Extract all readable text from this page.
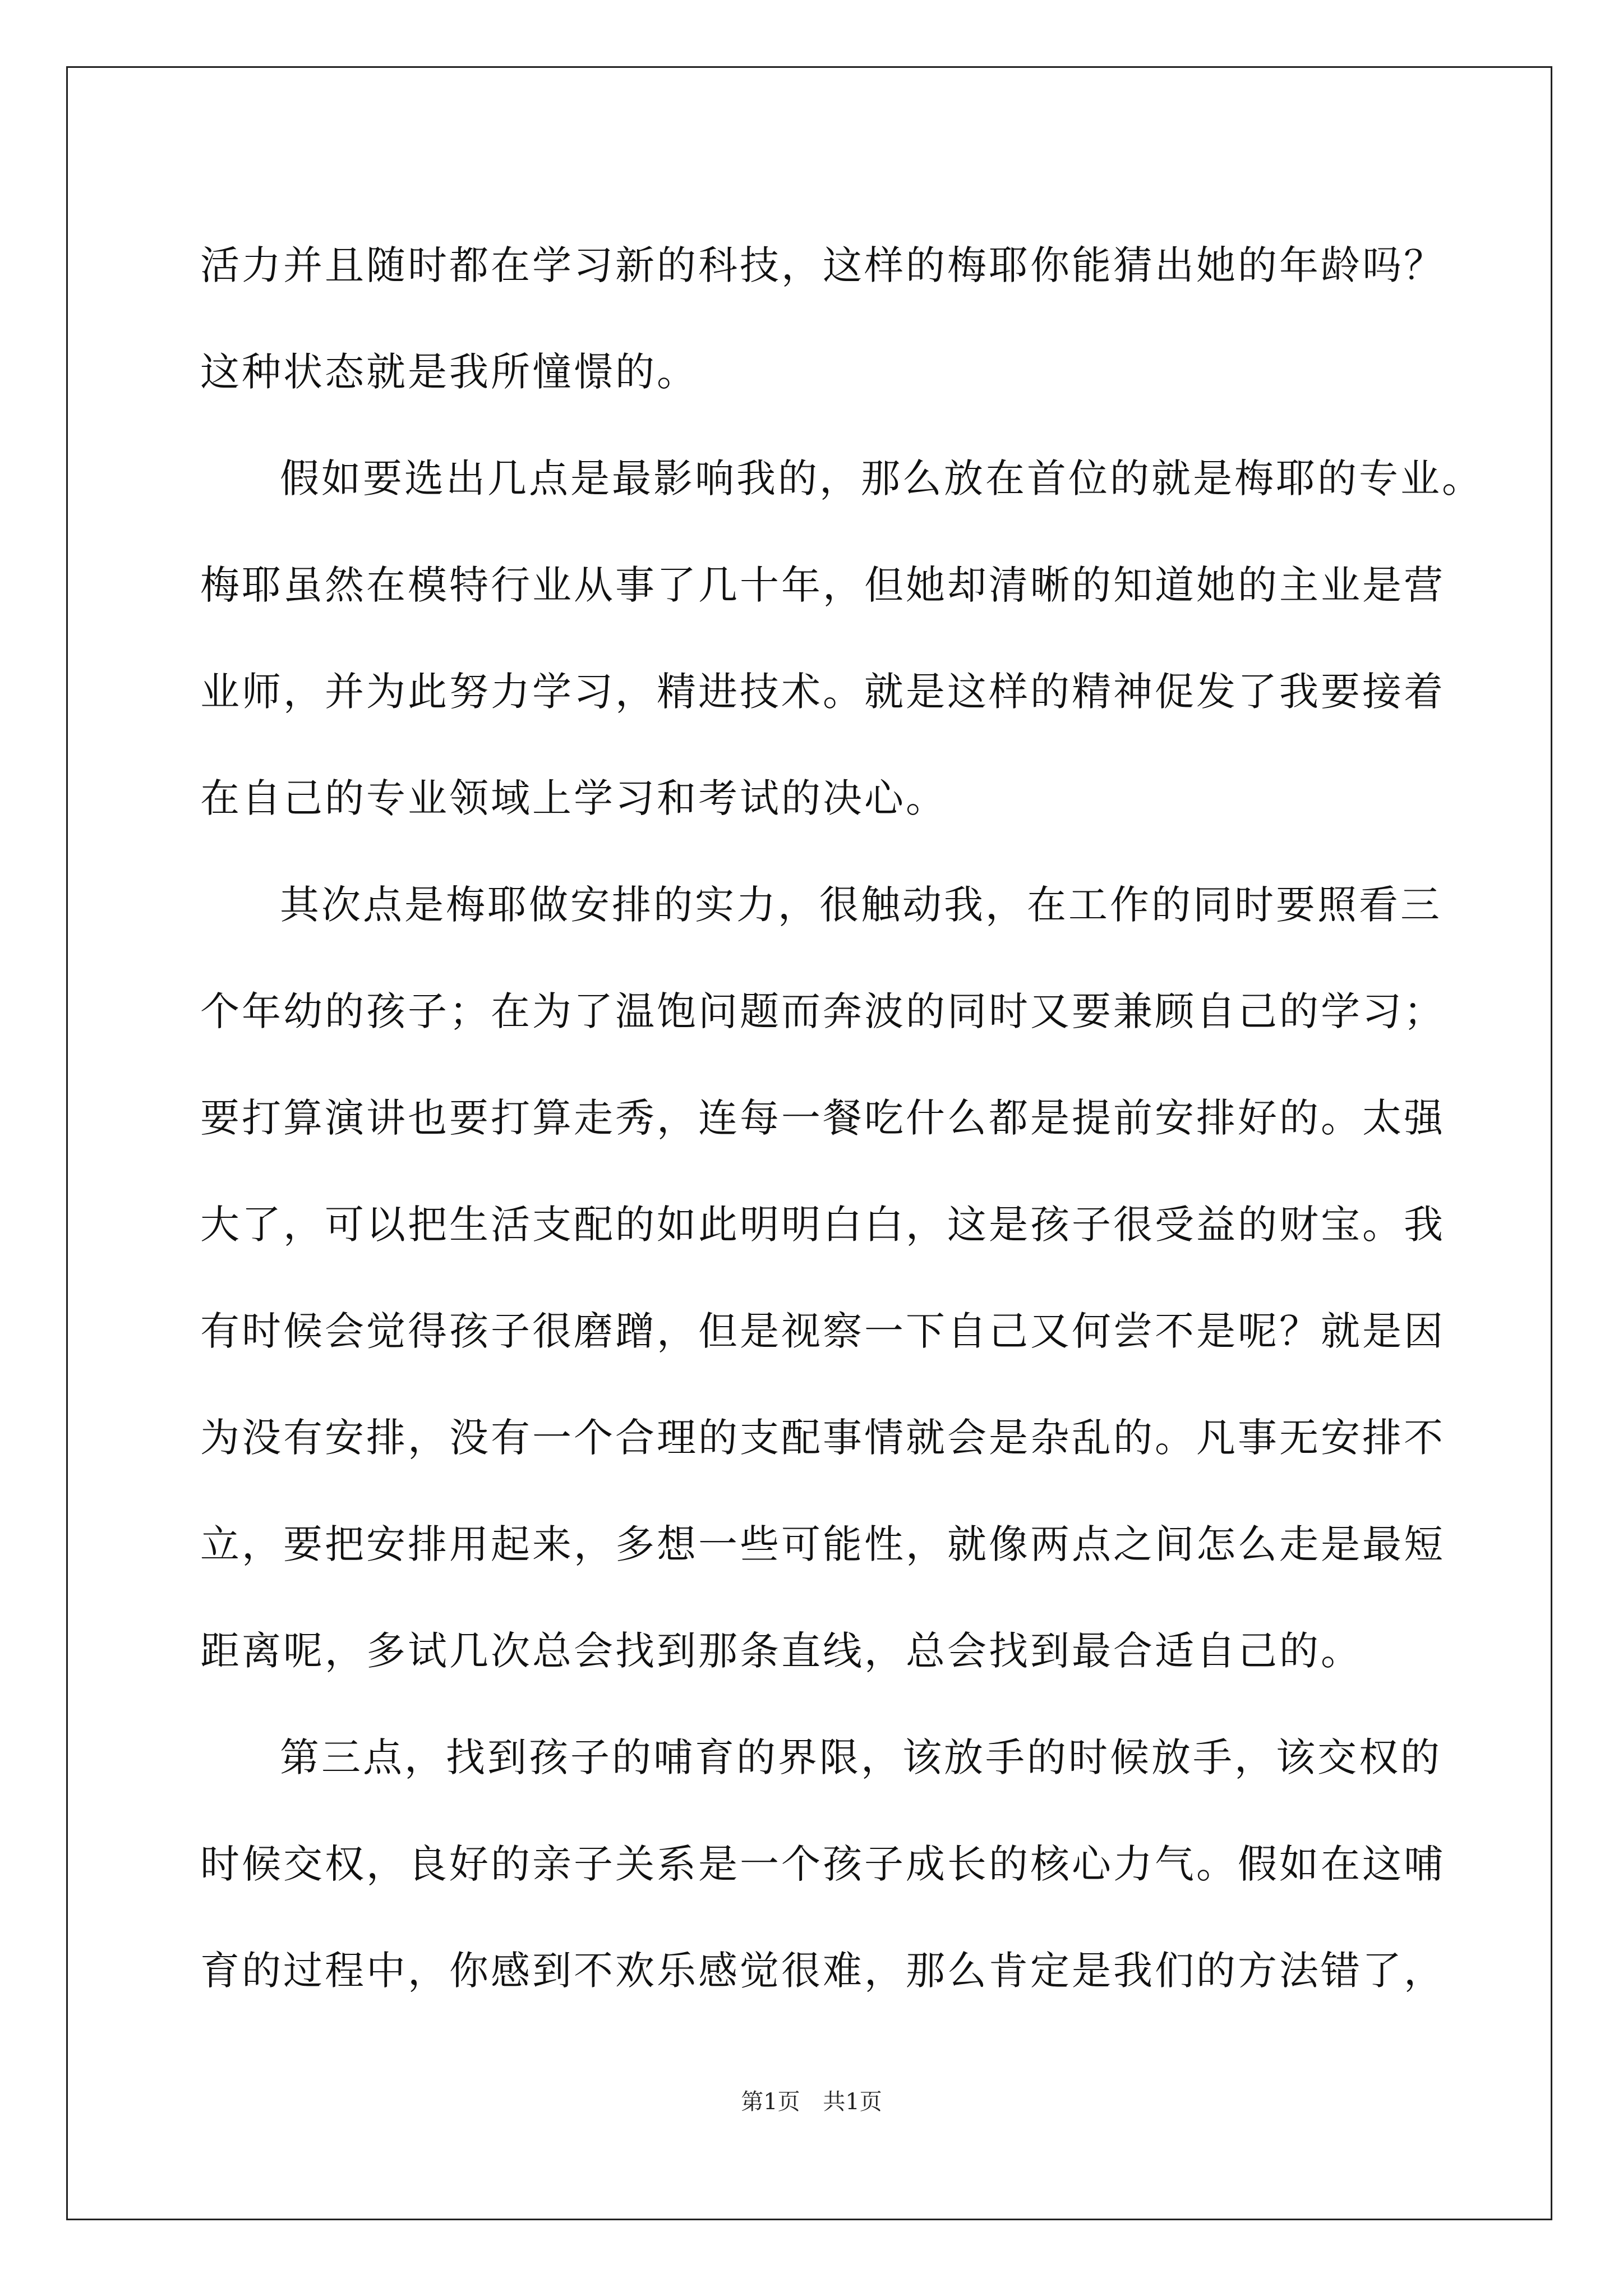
活力并且随时都在学习新的科技，这样的梅耶你能猜出她的年龄吗？
这种状态就是我所憧憬的。
假如要选出几点是最影响我的，那么放在首位的就是梅耶的专业。
梅耶虽然在模特行业从事了几十年，但她却清晰的知道她的主业是营
业师，并为此努力学习，精进技术。就是这样的精神促发了我要接着
在自己的专业领域上学习和考试的决心。
其次点是梅耶做安排的实力，很触动我，在工作的同时要照看三
个年幼的孩子；在为了温饱问题而奔波的同时又要兼顾自己的学习；
要打算演讲也要打算走秀，连每一餐吃什么都是提前安排好的。太强
大了，可以把生活支配的如此明明白白，这是孩子很受益的财宝。我
有时候会觉得孩子很磨蹭，但是视察一下自己又何尝不是呢？就是因
为没有安排，没有一个合理的支配事情就会是杂乱的。凡事无安排不
立，要把安排用起来，多想一些可能性，就像两点之间怎么走是最短
距离呢，多试几次总会找到那条直线，总会找到最合适自己的。
第三点，找到孩子的哺育的界限，该放手的时候放手，该交权的
时候交权，良好的亲子关系是一个孩子成长的核心力气。假如在这哺
育的过程中，你感到不欢乐感觉很难，那么肯定是我们的方法错了，
第1页 共1页
